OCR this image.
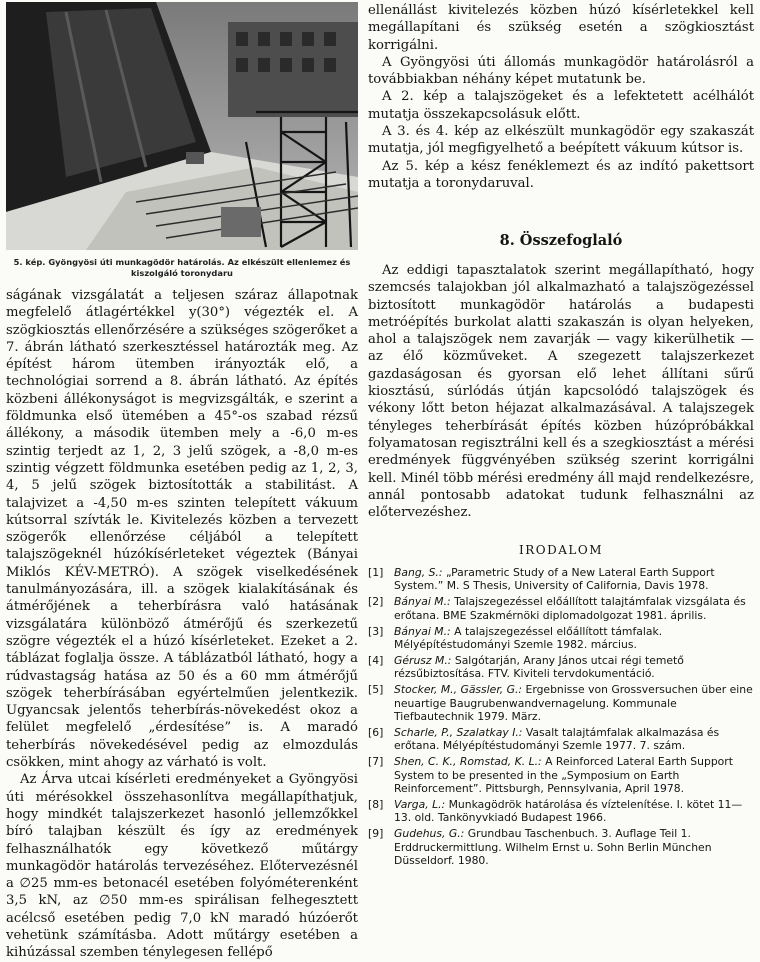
5. kép. Gyöngyösi úti munkagödör határolás. Az elkészült ellenlemez és kiszolgáló toronydaru

ságának vizsgálatát a teljesen száraz állapotnak megfelelő átlagértékkel y(30°) végezték el. A szögkiosztás ellenőrzésére a szükséges szögerőket a 7. ábrán látható szerkesztéssel határozták meg. Az építést három ütemben irányozták elő, a technológiai sorrend a 8. ábrán látható. Az építés közbeni állékonyságot is megvizsgálták, e szerint a földmunka első ütemében a 45°-os szabad rézsű állékony, a második ütemben mely a -6,0 m-es szintig terjedt az 1, 2, 3 jelű szögek, a -8,0 m-es szintig végzett földmunka esetében pedig az 1, 2, 3, 4, 5 jelű szögek biztosították a stabilitást. A talajvizet a -4,50 m-es szinten telepített vákuum kútsorral szívták le. Kivitelezés közben a tervezett szögerők ellenőrzése céljából a telepített talajszögeknél húzókísérleteket végeztek (Bányai Miklós KÉV-METRÓ). A szögek viselkedésének tanulmányozására, ill. a szögek kialakításának és átmérőjének a teherbírásra való hatásának vizsgálatára különböző átmérőjű és szerkezetű szögre végezték el a húzó kísérleteket. Ezeket a 2. táblázat foglalja össze. A táblázatból látható, hogy a rúdvastagság hatása az 50 és a 60 mm átmérőjű szögek teherbírásában egyértelműen jelentkezik. Ugyancsak jelentős teherbírás-növekedést okoz a felület megfelelő „érdesítése” is. A maradó teherbírás növekedésével pedig az elmozdulás csökken, mint ahogy az várható is volt.

Az Árva utcai kísérleti eredményeket a Gyöngyösi úti mérésokkel összehasonlítva megállapíthatjuk, hogy mindkét talajszerkezet hasonló jellemzőkkel bíró talajban készült és így az eredmények felhasználhatók egy következő műtárgy munkagödör határolás tervezéséhez. Előtervezésnél a ∅25 mm-es betonacél esetében folyóméterenként 3,5 kN, az ∅50 mm-es spirálisan felhegesztett acélcső esetében pedig 7,0 kN maradó húzóerőt vehetünk számításba. Adott műtárgy esetében a kihúzással szemben ténylegesen fellépő

ellenállást kivitelezés közben húzó kísérletekkel kell megállapítani és szükség esetén a szögkiosztást korrigálni.

A Gyöngyösi úti állomás munkagödör határolásról a továbbiakban néhány képet mutatunk be.

A 2. kép a talajszögeket és a lefektetett acélhálót mutatja összekapcsolásuk előtt.

A 3. és 4. kép az elkészült munkagödör egy szakaszát mutatja, jól megfigyelhető a beépített vákuum kútsor is.

Az 5. kép a kész fenéklemezt és az indító pakettsort mutatja a toronydaruval.

8. Összefoglaló

Az eddigi tapasztalatok szerint megállapítható, hogy szemcsés talajokban jól alkalmazható a talajszögezéssel biztosított munkagödör határolás a budapesti metróépítés burkolat alatti szakaszán is olyan helyeken, ahol a talajszögek nem zavarják — vagy kikerülhetik — az élő közműveket. A szegezett talajszerkezet gazdaságosan és gyorsan elő lehet állítani sűrű kiosztású, súrlódás útján kapcsolódó talajszögek és vékony lőtt beton héjazat alkalmazásával. A talajszegek tényleges teherbírását építés közben húzópróbákkal folyamatosan regisztrálni kell és a szegkiosztást a mérési eredmények függvényében szükség szerint korrigálni kell. Minél több mérési eredmény áll majd rendelkezésre, annál pontosabb adatokat tudunk felhasználni az előtervezéshez.

IRODALOM
[1] Bang, S.: „Parametric Study of a New Lateral Earth Support System.” M. S Thesis, University of California, Davis 1978.
[2] Bányai M.: Talajszegezéssel előállított talajtámfalak vizsgálata és erőtana. BME Szakmérnöki diplomadolgozat 1981. április.
[3] Bányai M.: A talajszegezéssel előállított támfalak. Mélyépítéstudományi Szemle 1982. március.
[4] Gérusz M.: Salgótarján, Arany János utcai régi temető rézsűbiztosítása. FTV. Kiviteli tervdokumentáció.
[5] Stocker, M., Gässler, G.: Ergebnisse von Grossversuchen über eine neuartige Baugrubenwandvernagelung. Kommunale Tiefbautechnik 1979. März.
[6] Scharle, P., Szalatkay I.: Vasalt talajtámfalak alkalmazása és erőtana. Mélyépítéstudományi Szemle 1977. 7. szám.
[7] Shen, C. K., Romstad, K. L.: A Reinforced Lateral Earth Support System to be presented in the „Symposium on Earth Reinforcement”. Pittsburgh, Pennsylvania, April 1978.
[8] Varga, L.: Munkagödrök határolása és víztelenítése. I. kötet 11—13. old. Tankönyvkiadó Budapest 1966.
[9] Gudehus, G.: Grundbau Taschenbuch. 3. Auflage Teil 1. Erddruckermittlung. Wilhelm Ernst u. Sohn Berlin München Düsseldorf. 1980.
